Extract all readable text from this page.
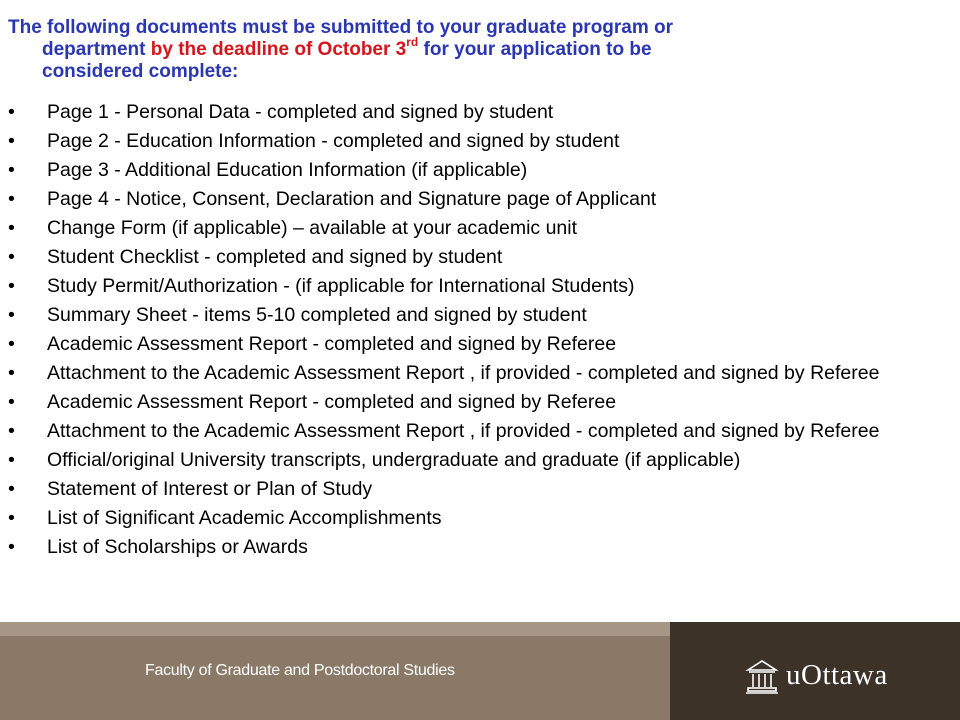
The following documents must be submitted to your graduate program or
department by the deadline of October 3rd for your application to be
considered complete:
• Page 1 - Personal Data - completed and signed by student
• Page 2 - Education Information - completed and signed by student
• Page 3 - Additional Education Information (if applicable)
• Page 4 - Notice, Consent, Declaration and Signature page of Applicant
• Change Form (if applicable) – available at your academic unit
• Student Checklist - completed and signed by student
• Study Permit/Authorization - (if applicable for International Students)
• Summary Sheet - items 5-10 completed and signed by student
• Academic Assessment Report - completed and signed by Referee
• Attachment to the Academic Assessment Report , if provided - completed and signed by Referee
• Academic Assessment Report - completed and signed by Referee
• Attachment to the Academic Assessment Report , if provided - completed and signed by Referee
• Official/original University transcripts, undergraduate and graduate (if applicable)
• Statement of Interest or Plan of Study
• List of Significant Academic Accomplishments
• List of Scholarships or Awards
Faculty of Graduate and Postdoctoral Studies	uOttawa
